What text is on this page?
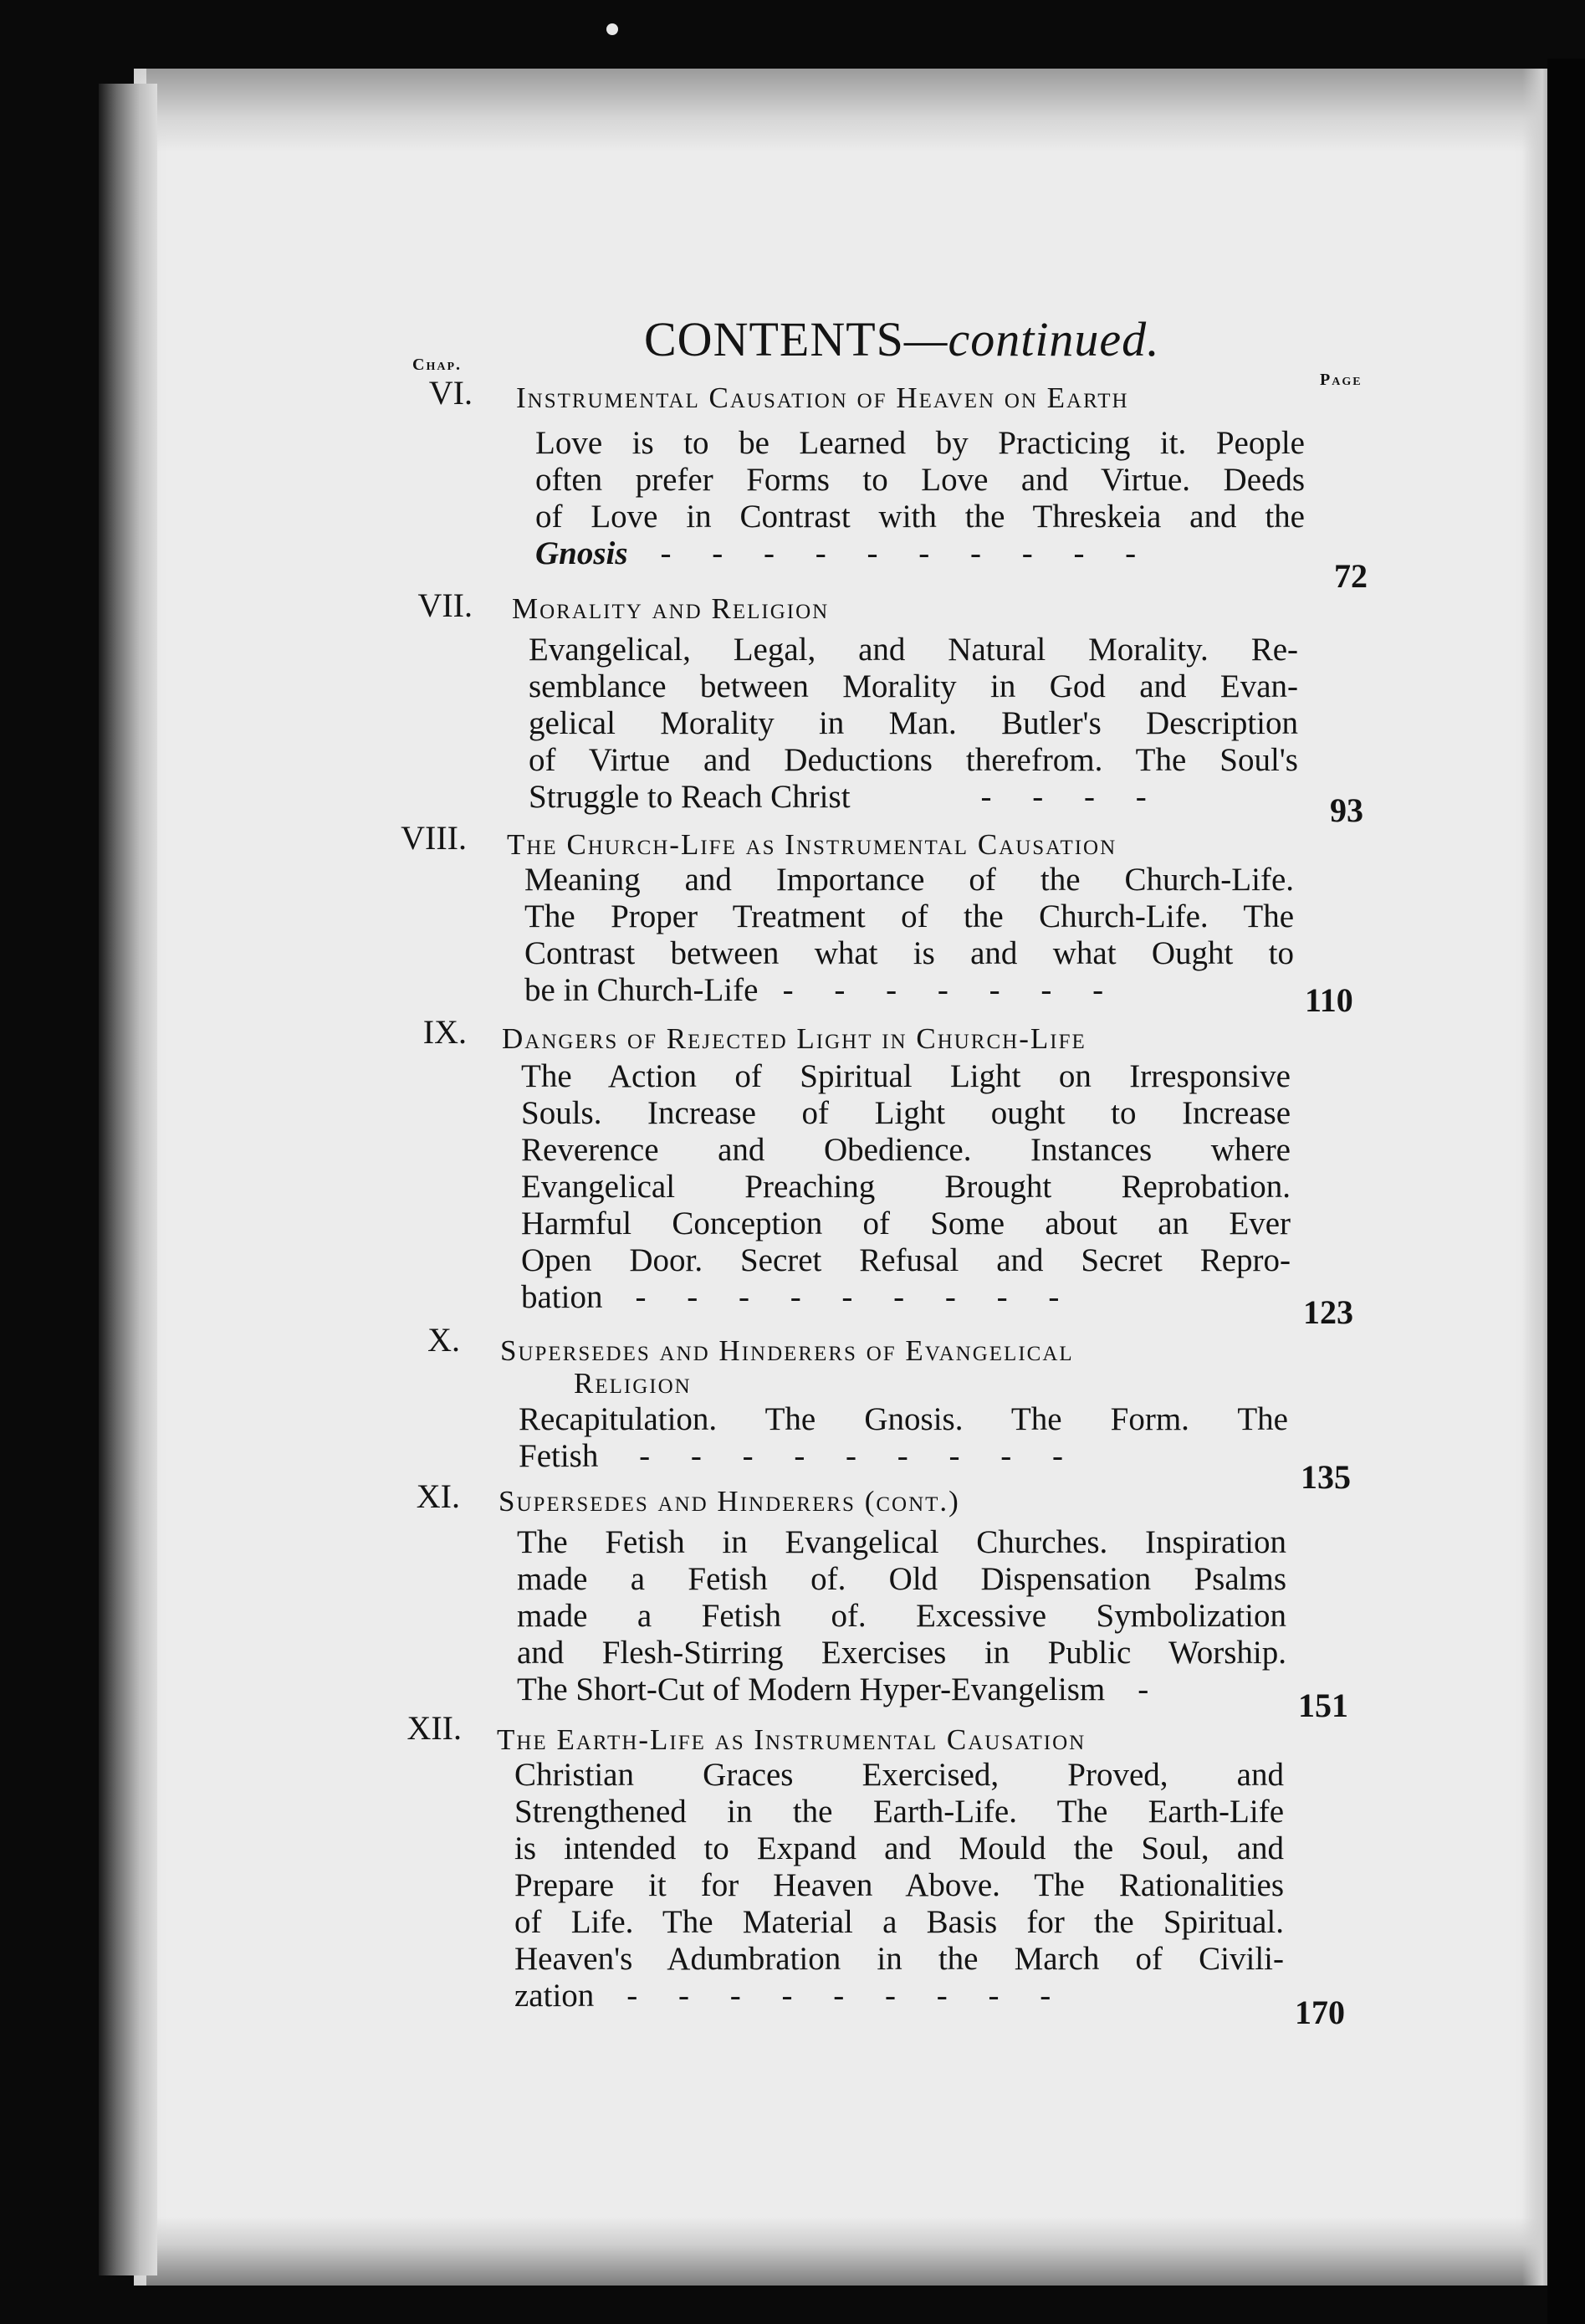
CONTENTS—continued.
Chap.
Page
VI. Instrumental Causation of Heaven on Earth
Love is to be Learned by Practicing it. People
often prefer Forms to Love and Virtue. Deeds
of Love in Contrast with the Threskeia and the
Gnosis    -     -     -     -     -     -     -     -     -     -
72
VII. Morality and Religion
Evangelical, Legal, and Natural Morality. Re-
semblance between Morality in God and Evan-
gelical Morality in Man. Butler's Description
of Virtue and Deductions therefrom. The Soul's
Struggle to Reach Christ                -     -     -     -	93
VIII. The Church-Life as Instrumental Causation
Meaning and Importance of the Church-Life.
The Proper Treatment of the Church-Life. The
Contrast between what is and what Ought to
be in Church-Life   -     -     -     -     -     -     -	110
IX. Dangers of Rejected Light in Church-Life
The Action of Spiritual Light on Irresponsive
Souls. Increase of Light ought to Increase
Reverence and Obedience. Instances where
Evangelical Preaching Brought Reprobation.
Harmful Conception of Some about an Ever
Open Door. Secret Refusal and Secret Repro-
bation    -     -     -     -     -     -     -     -     -	123
X. Supersedes and Hinderers of Evangelical
Religion
Recapitulation. The Gnosis. The Form. The
Fetish     -     -     -     -     -     -     -     -     -
135
XI. Supersedes and Hinderers (cont.)
The Fetish in Evangelical Churches. Inspiration
made a Fetish of. Old Dispensation Psalms
made a Fetish of. Excessive Symbolization
and Flesh-Stirring Exercises in Public Worship.
The Short-Cut of Modern Hyper-Evangelism    -	151
XII. The Earth-Life as Instrumental Causation
Christian Graces Exercised, Proved, and
Strengthened in the Earth-Life. The Earth-Life
is intended to Expand and Mould the Soul, and
Prepare it for Heaven Above. The Rationalities
of Life. The Material a Basis for the Spiritual.
Heaven's Adumbration in the March of Civili-
zation    -     -     -     -     -     -     -     -     -	170
